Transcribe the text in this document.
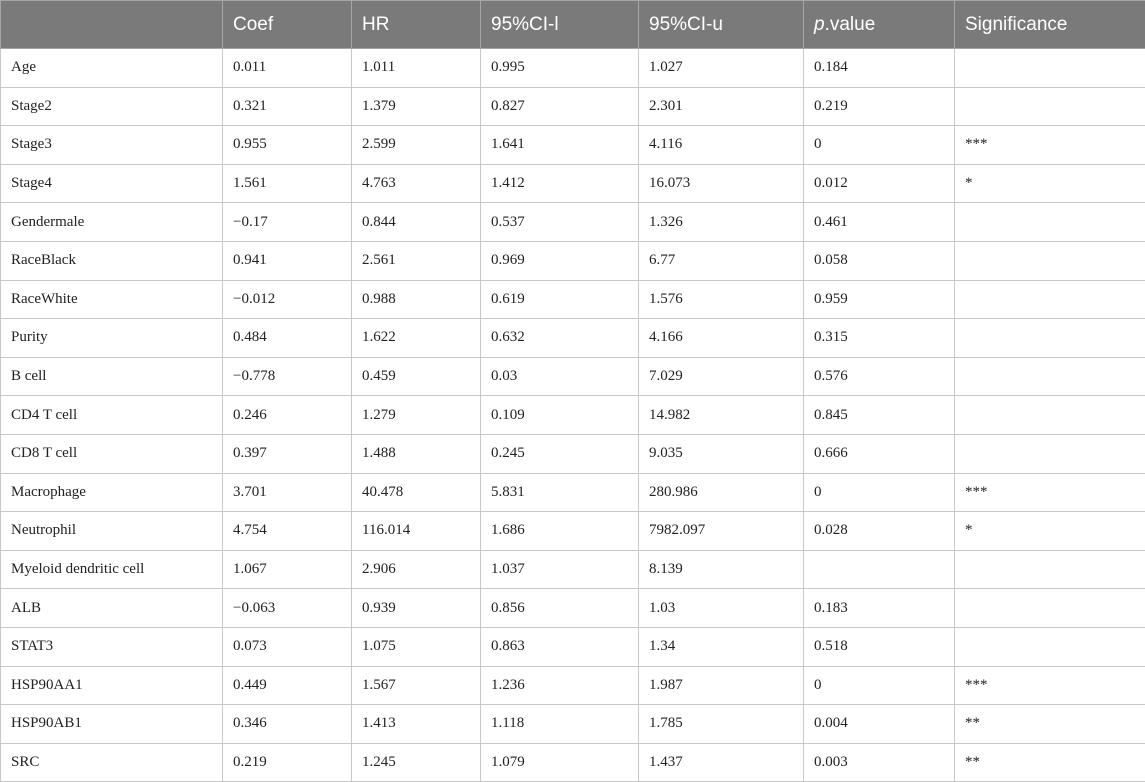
	Coef	HR	95%CI-l	95%CI-u	p.value	Significance
Age	0.011	1.011	0.995	1.027	0.184	
Stage2	0.321	1.379	0.827	2.301	0.219	
Stage3	0.955	2.599	1.641	4.116	0	***
Stage4	1.561	4.763	1.412	16.073	0.012	*
Gendermale	−0.17	0.844	0.537	1.326	0.461	
RaceBlack	0.941	2.561	0.969	6.77	0.058	
RaceWhite	−0.012	0.988	0.619	1.576	0.959	
Purity	0.484	1.622	0.632	4.166	0.315	
B cell	−0.778	0.459	0.03	7.029	0.576	
CD4 T cell	0.246	1.279	0.109	14.982	0.845	
CD8 T cell	0.397	1.488	0.245	9.035	0.666	
Macrophage	3.701	40.478	5.831	280.986	0	***
Neutrophil	4.754	116.014	1.686	7982.097	0.028	*
Myeloid dendritic cell	1.067	2.906	1.037	8.139		
ALB	−0.063	0.939	0.856	1.03	0.183	
STAT3	0.073	1.075	0.863	1.34	0.518	
HSP90AA1	0.449	1.567	1.236	1.987	0	***
HSP90AB1	0.346	1.413	1.118	1.785	0.004	**
SRC	0.219	1.245	1.079	1.437	0.003	**
